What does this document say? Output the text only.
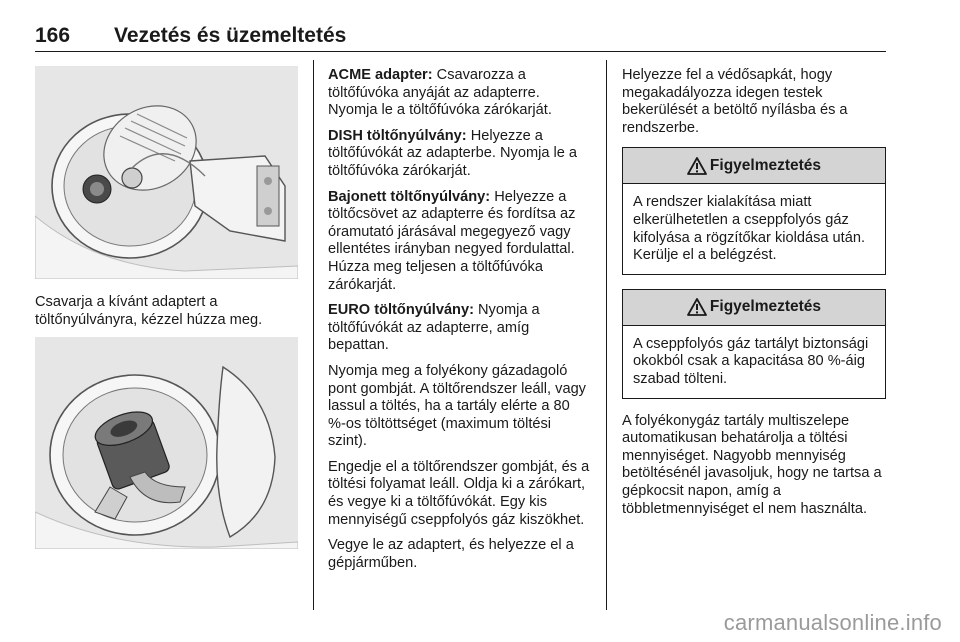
166 Vezetés és üzemeltetés
Csavarja a kívánt adaptert a töltőnyúlványra, kézzel húzza meg.

ACME adapter: Csavarozza a töltőfúvóka anyáját az adapterre. Nyomja le a töltőfúvóka zárókarját.

DISH töltőnyúlvány: Helyezze a töltőfúvókát az adapterbe. Nyomja le a töltőfúvóka zárókarját.

Bajonett töltőnyúlvány: Helyezze a töltőcsövet az adapterre és fordítsa az óramutató járásával megegyező vagy ellentétes irányban negyed fordulattal. Húzza meg teljesen a töltőfúvóka zárókarját.

EURO töltőnyúlvány: Nyomja a töltőfúvókát az adapterre, amíg bepattan.

Nyomja meg a folyékony gázadagoló pont gombját. A töltőrendszer leáll, vagy lassul a töltés, ha a tartály elérte a 80 %-os töltöttséget (maximum töltési szint).

Engedje el a töltőrendszer gombját, és a töltési folyamat leáll. Oldja ki a zárókart, és vegye ki a töltőfúvókát. Egy kis mennyiségű cseppfolyós gáz kiszökhet.

Vegye le az adaptert, és helyezze el a gépjárműben.

Helyezze fel a védősapkát, hogy megakadályozza idegen testek bekerülését a betöltő nyílásba és a rendszerbe.

Figyelmeztetés
A rendszer kialakítása miatt elkerülhetetlen a cseppfolyós gáz kifolyása a rögzítőkar kioldása után. Kerülje el a belégzést.
Figyelmeztetés
A cseppfolyós gáz tartályt biztonsági okokból csak a kapacitása 80 %-áig szabad tölteni.

A folyékonygáz tartály multiszelepe automatikusan behatárolja a töltési mennyiséget. Nagyobb mennyiség betöltésénél javasoljuk, hogy ne tartsa a gépkocsit napon, amíg a többletmennyiséget el nem használta.

carmanualsonline.info
